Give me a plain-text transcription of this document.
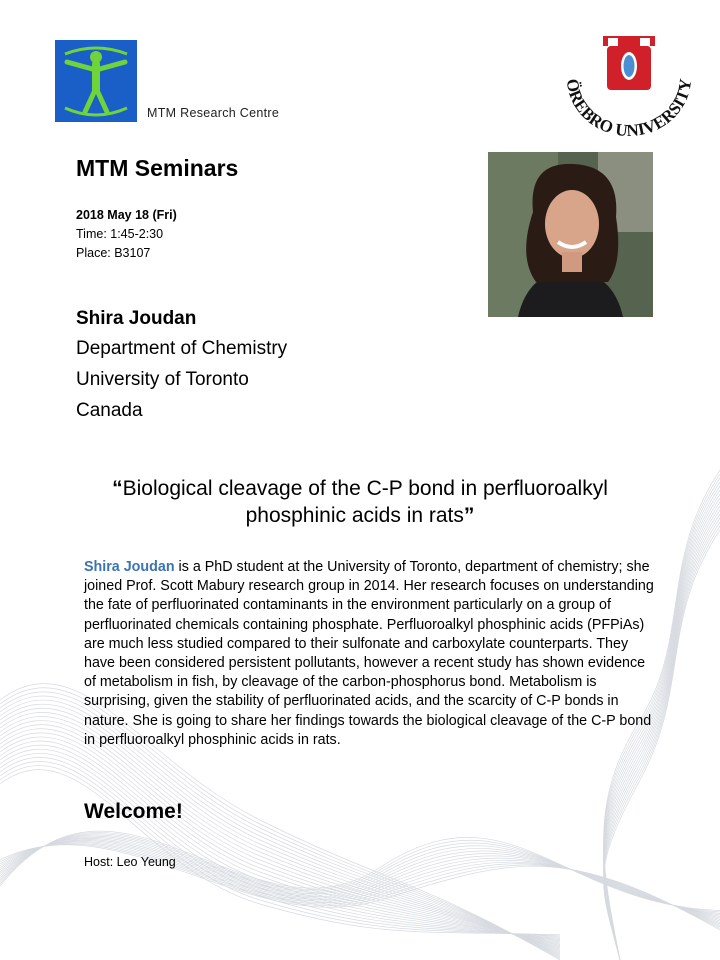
MTM Research Centre
ÖREBRO UNIVERSITY
MTM Seminars
2018 May 18 (Fri)
Time: 1:45-2:30
Place: B3107
Shira Joudan
Department of Chemistry
University of Toronto
Canada
“Biological cleavage of the C-P bond in perfluoroalkyl phosphinic acids in rats”
Shira Joudan is a PhD student at the University of Toronto, department of chemistry; she joined Prof. Scott Mabury research group in 2014. Her research focuses on understanding the fate of perfluorinated contaminants in the environment particularly on a group of perfluorinated chemicals containing phosphate. Perfluoroalkyl phosphinic acids (PFPiAs) are much less studied compared to their sulfonate and carboxylate counterparts. They have been considered persistent pollutants, however a recent study has shown evidence of metabolism in fish, by cleavage of the carbon-phosphorus bond. Metabolism is surprising, given the stability of perfluorinated acids, and the scarcity of C-P bonds in nature. She is going to share her findings towards the biological cleavage of the C-P bond in perfluoroalkyl phosphinic acids in rats.
Welcome!
Host: Leo Yeung
